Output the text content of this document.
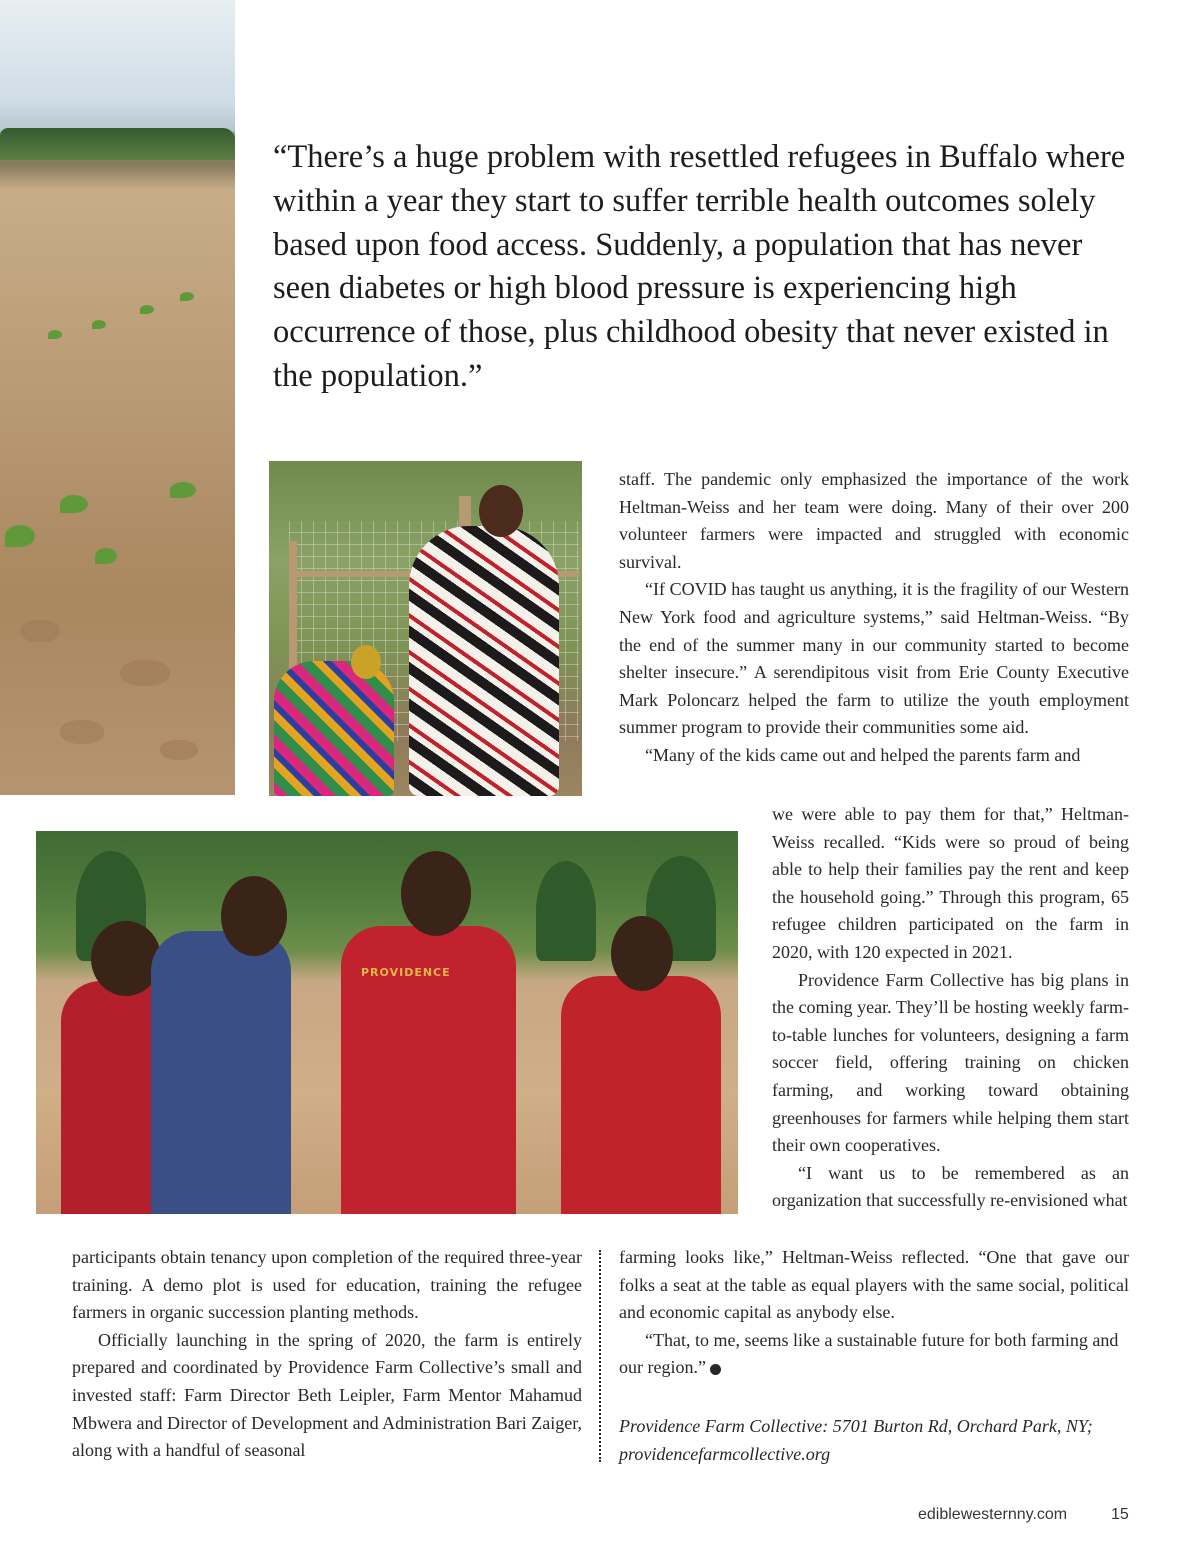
“There’s a huge problem with resettled refugees in Buffalo where within a year they start to suffer terrible health outcomes solely based upon food access. Suddenly, a population that has never seen diabetes or high blood pressure is experiencing high occurrence of those, plus childhood obesity that never existed in the population.”
PROVIDENCE

staff. The pandemic only emphasized the importance of the work Heltman-Weiss and her team were doing. Many of their over 200 volunteer farmers were impacted and struggled with economic survival.

“If COVID has taught us anything, it is the fragility of our Western New York food and agriculture systems,” said Heltman-Weiss. “By the end of the summer many in our community started to become shelter insecure.” A serendipitous visit from Erie County Executive Mark Poloncarz helped the farm to utilize the youth employment summer program to provide their communities some aid.

“Many of the kids came out and helped the parents farm and

we were able to pay them for that,” Heltman-Weiss recalled. “Kids were so proud of being able to help their families pay the rent and keep the household going.” Through this program, 65 refugee children participated on the farm in 2020, with 120 expected in 2021.

Providence Farm Collective has big plans in the coming year. They’ll be hosting weekly farm-to-table lunches for volunteers, designing a farm soccer field, offering training on chicken farming, and working toward obtaining greenhouses for farmers while helping them start their own cooperatives.

“I want us to be remembered as an organization that successfully re-envisioned what

farming looks like,” Heltman-Weiss reflected. “One that gave our folks a seat at the table as equal players with the same social, political and economic capital as anybody else.

“That, to me, seems like a sustainable future for both farming and our region.”

participants obtain tenancy upon completion of the required three-year training. A demo plot is used for education, training the refugee farmers in organic succession planting methods.

Officially launching in the spring of 2020, the farm is entirely prepared and coordinated by Providence Farm Collective’s small and invested staff: Farm Director Beth Leipler, Farm Mentor Mahamud Mbwera and Director of Development and Administration Bari Zaiger, along with a handful of seasonal

Providence Farm Collective: 5701 Burton Rd, Orchard Park, NY; providencefarmcollective.org
ediblewesternny.com	15
